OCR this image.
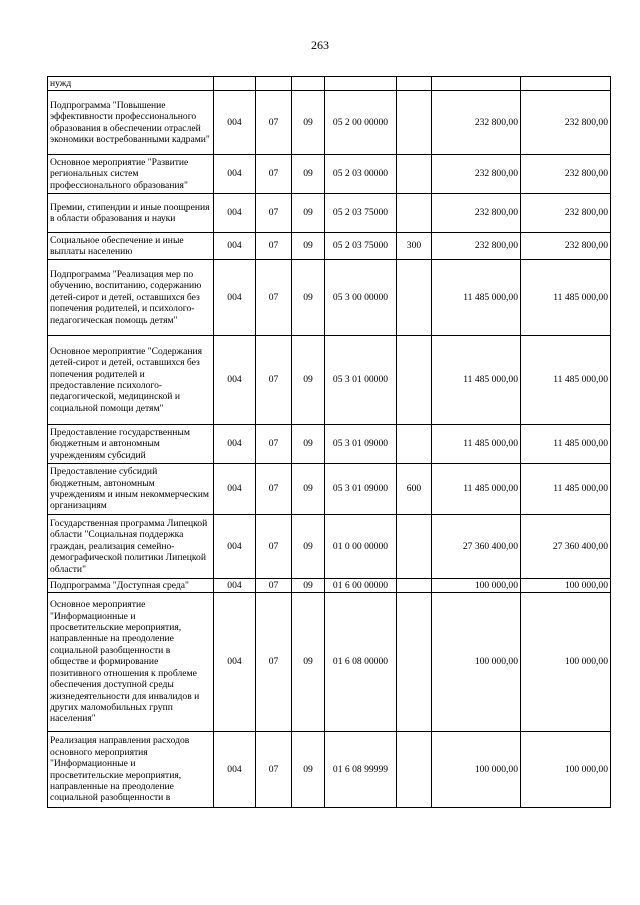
263
нужд							
Подпрограмма "Повышение эффективности профессионального образования в обеспечении отраслей экономики востребованными кадрами"	004	07	09	05 2 00 00000		232 800,00	232 800,00
Основное мероприятие "Развитие региональных систем профессионального образования"	004	07	09	05 2 03 00000		232 800,00	232 800,00
Премии, стипендии и иные поощрения в области образования и науки	004	07	09	05 2 03 75000		232 800,00	232 800,00
Социальное обеспечение и иные выплаты населению	004	07	09	05 2 03 75000	300	232 800,00	232 800,00
Подпрограмма "Реализация мер по обучению, воспитанию, содержанию детей-сирот и детей, оставшихся без попечения родителей, и психолого-педагогическая помощь детям"	004	07	09	05 3 00 00000		11 485 000,00	11 485 000,00
Основное мероприятие "Содержания детей-сирот и детей, оставшихся без попечения родителей и предоставление психолого-педагогической, медицинской и социальной помощи детям"	004	07	09	05 3 01 00000		11 485 000,00	11 485 000,00
Предоставление государственным бюджетным и автономным учреждениям субсидий	004	07	09	05 3 01 09000		11 485 000,00	11 485 000,00
Предоставление субсидий бюджетным, автономным учреждениям и иным некоммерческим организациям	004	07	09	05 3 01 09000	600	11 485 000,00	11 485 000,00
Государственная программа Липецкой области "Социальная поддержка граждан, реализация семейно-демографической политики Липецкой области"	004	07	09	01 0 00 00000		27 360 400,00	27 360 400,00
Подпрограмма "Доступная среда"	004	07	09	01 6 00 00000		100 000,00	100 000,00
Основное мероприятие "Информационные и просветительские мероприятия, направленные на преодоление социальной разобщенности в обществе и формирование позитивного отношения к проблеме обеспечения доступной среды жизнедеятельности для инвалидов и других маломобильных групп населения"	004	07	09	01 6 08 00000		100 000,00	100 000,00
Реализация направления расходов основного мероприятия "Информационные и просветительские мероприятия, направленные на преодоление социальной разобщенности в	004	07	09	01 6 08 99999		100 000,00	100 000,00
